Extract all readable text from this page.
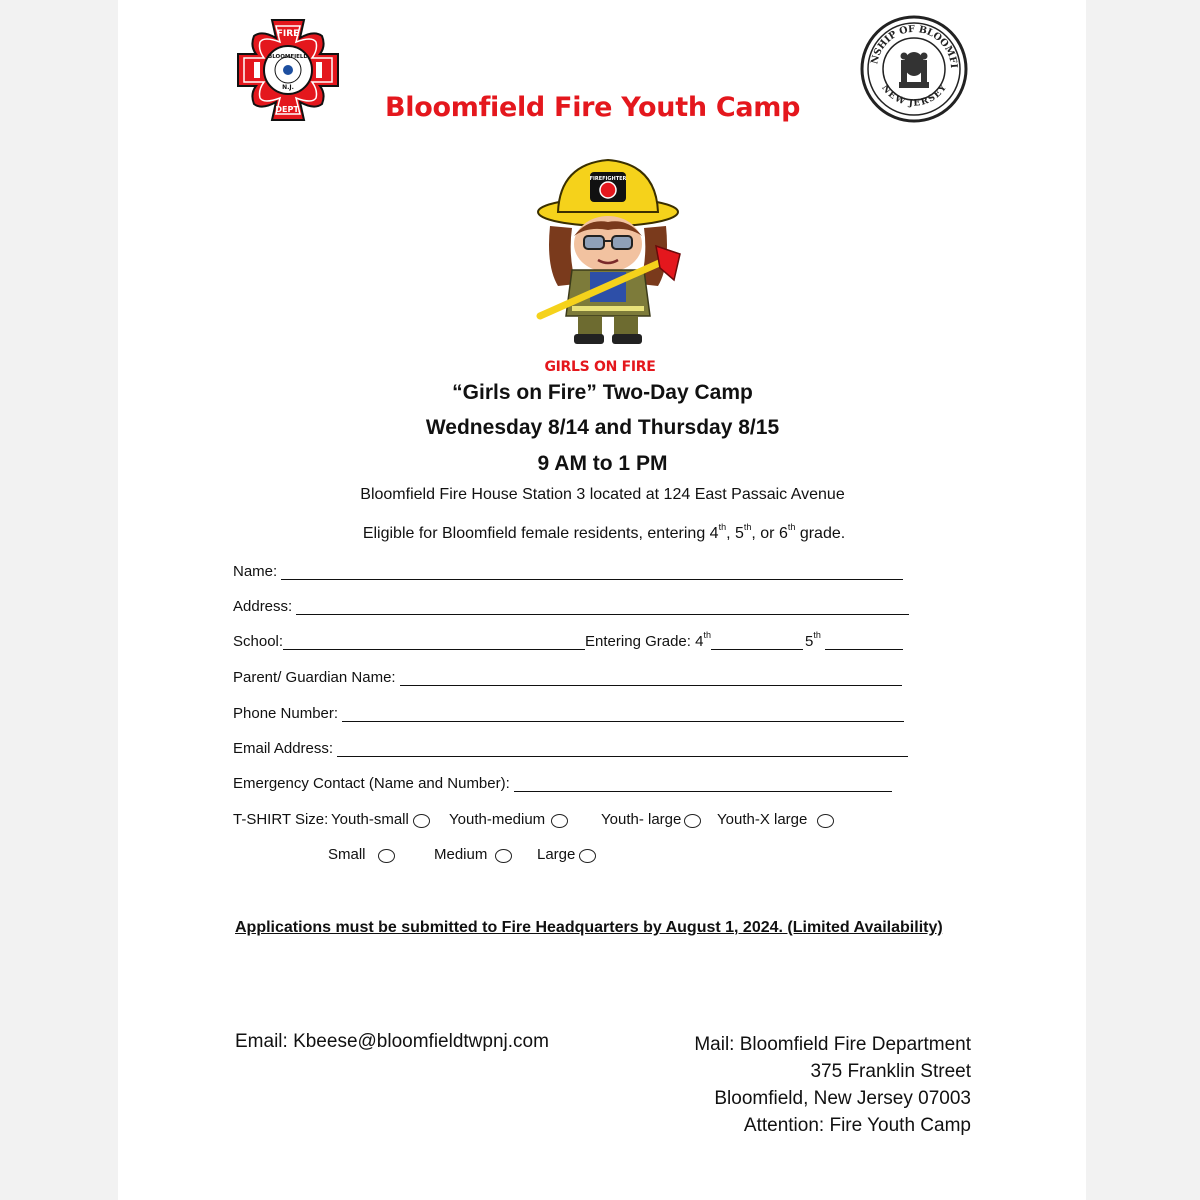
FIRE
BLOOMFIELD
N.J.
DEPT.	Bloomfield Fire Youth Camp
NSHIP OF BLOOMFI
NEW JERSEY
FIREFIGHTER
GIRLS ON FIRE
“Girls on Fire” Two-Day Camp
Wednesday 8/14 and Thursday 8/15
9 AM to 1 PM
Bloomfield Fire House Station 3 located at 124 East Passaic Avenue
Eligible for Bloomfield female residents, entering 4th, 5th, or 6th grade.
Name:
Address:
School:	Entering Grade: 4th	5th
Parent/ Guardian Name:
Phone Number:
Email Address:
Emergency Contact (Name and Number):
T-SHIRT Size: Youth-small	Youth-medium	Youth- large	Youth-X large
Small	Medium	Large
Applications must be submitted to Fire Headquarters by August 1, 2024. (Limited Availability)
Email: Kbeese@bloomfieldtwpnj.com	Mail: Bloomfield Fire Department
375 Franklin Street
Bloomfield, New Jersey 07003
Attention: Fire Youth Camp
